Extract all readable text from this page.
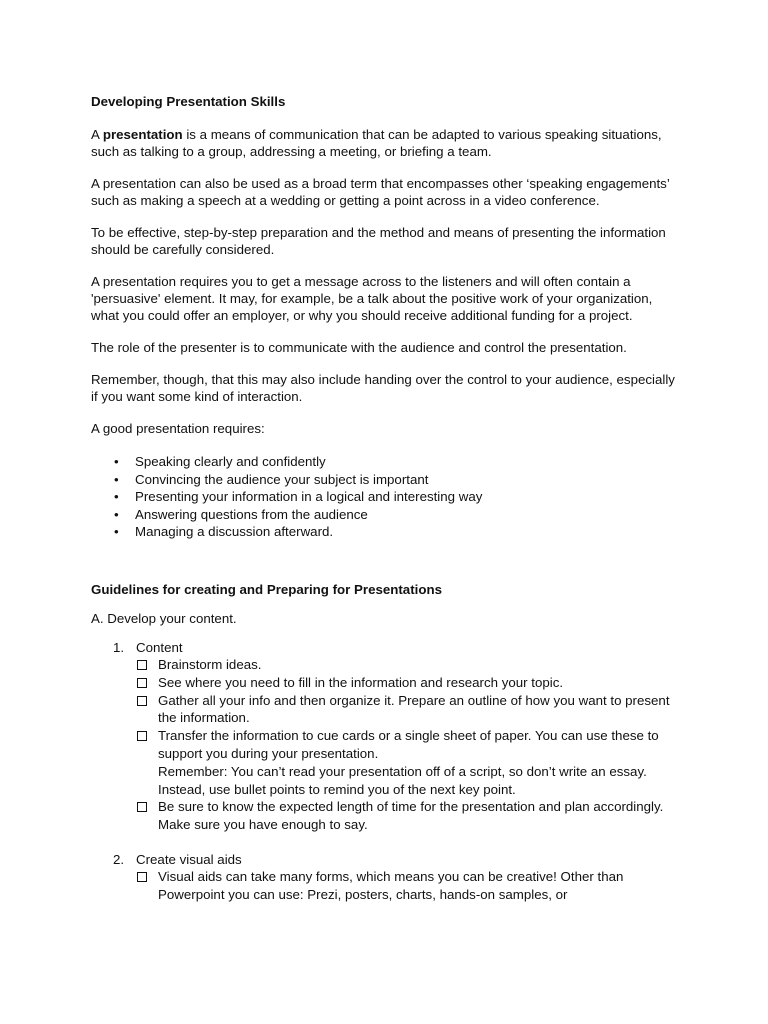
Developing Presentation Skills

A presentation is a means of communication that can be adapted to various speaking situations, such as talking to a group, addressing a meeting, or briefing a team.

A presentation can also be used as a broad term that encompasses other ‘speaking engagements’ such as making a speech at a wedding or getting a point across in a video conference.

To be effective, step-by-step preparation and the method and means of presenting the information should be carefully considered.

A presentation requires you to get a message across to the listeners and will often contain a 'persuasive' element. It may, for example, be a talk about the positive work of your organization, what you could offer an employer, or why you should receive additional funding for a project.

The role of the presenter is to communicate with the audience and control the presentation.

Remember, though, that this may also include handing over the control to your audience, especially if you want some kind of interaction.

A good presentation requires:

• Speaking clearly and confidently
• Convincing the audience your subject is important
• Presenting your information in a logical and interesting way
• Answering questions from the audience
• Managing a discussion afterward.
Guidelines for creating and Preparing for Presentations
A. Develop your content.
1. Content
Brainstorm ideas.
See where you need to fill in the information and research your topic.
Gather all your info and then organize it. Prepare an outline of how you want to present the information.
Transfer the information to cue cards or a single sheet of paper. You can use these to support you during your presentation.
Remember: You can’t read your presentation off of a script, so don’t write an essay. Instead, use bullet points to remind you of the next key point.
Be sure to know the expected length of time for the presentation and plan accordingly. Make sure you have enough to say.
2. Create visual aids
Visual aids can take many forms, which means you can be creative! Other than Powerpoint you can use: Prezi, posters, charts, hands-on samples, or
